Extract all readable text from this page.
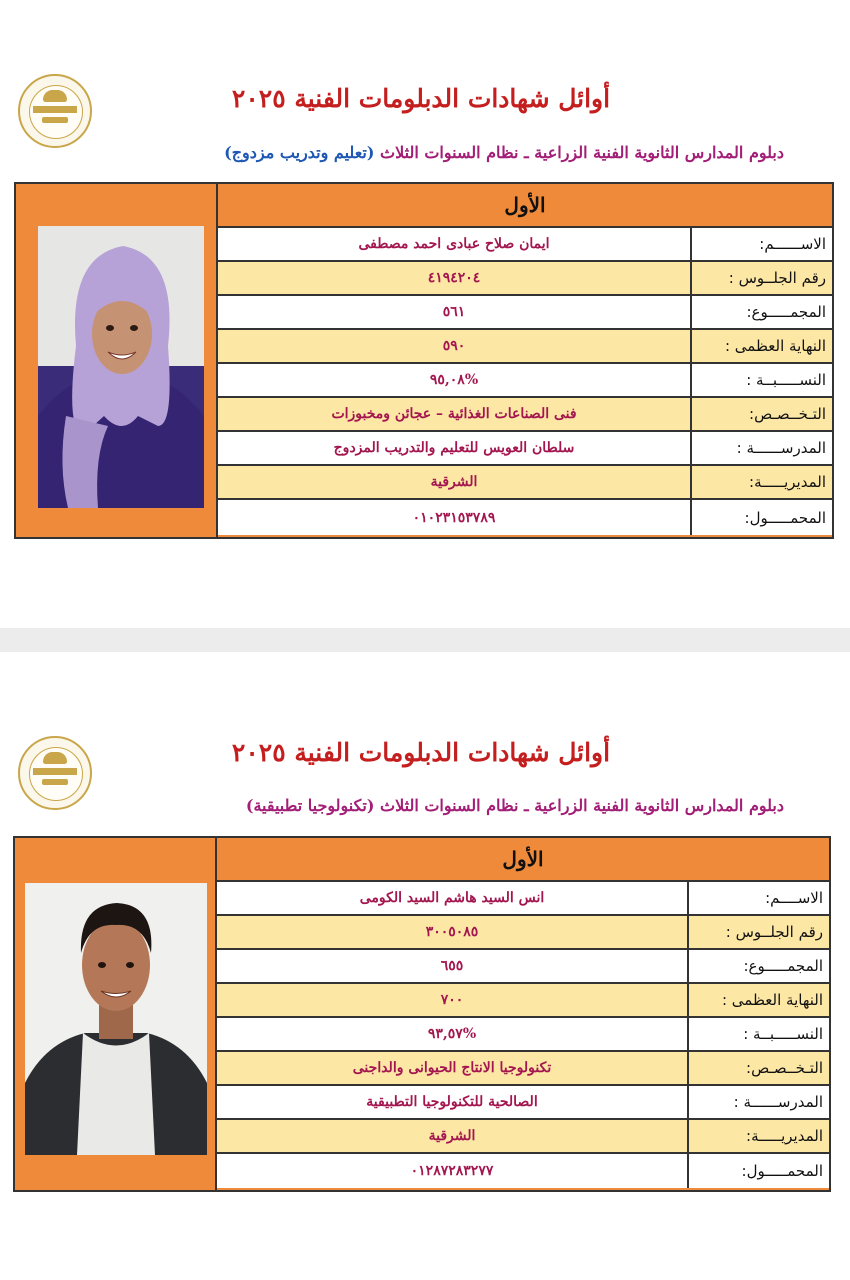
أوائل شهادات الدبلومات الفنية ٢٠٢٥
دبلوم المدارس الثانوية الفنية الزراعية ـ نظام السنوات الثلاث (تعليم وتدريب مزدوج)
الأول
ايمان صلاح عبادى احمد مصطفى	الاســــــم:
٤١٩٤٢٠٤	رقم الجلــوس :
٥٦١	المجمـــــوع:
٥٩٠	النهاية العظمى :
%٩٥,٠٨	النســـــبــة :
فنى الصناعات الغذائية – عجائن ومخبوزات	التـخــصـص:
سلطان العويس للتعليم والتدريب المزدوج	المدرســــــة :
الشرقية	المديريـــــة:
٠١٠٢٣١٥٣٧٨٩	المحمـــــول:
أوائل شهادات الدبلومات الفنية ٢٠٢٥
دبلوم المدارس الثانوية الفنية الزراعية ـ نظام السنوات الثلاث (تكنولوجيا تطبيقية)
الأول
انس السيد هاشم السيد الكومى	الاســــم:
٣٠٠٥٠٨٥	رقم الجلــوس :
٦٥٥	المجمـــــوع:
٧٠٠	النهاية العظمى :
%٩٣,٥٧	النســـــبــة :
تكنولوجيا الانتاج الحيوانى والداجنى	التـخــصـص:
الصالحية للتكنولوجيا التطبيقية	المدرســــــة :
الشرقية	المديريـــــة:
٠١٢٨٧٢٨٣٢٧٧	المحمـــــول:
